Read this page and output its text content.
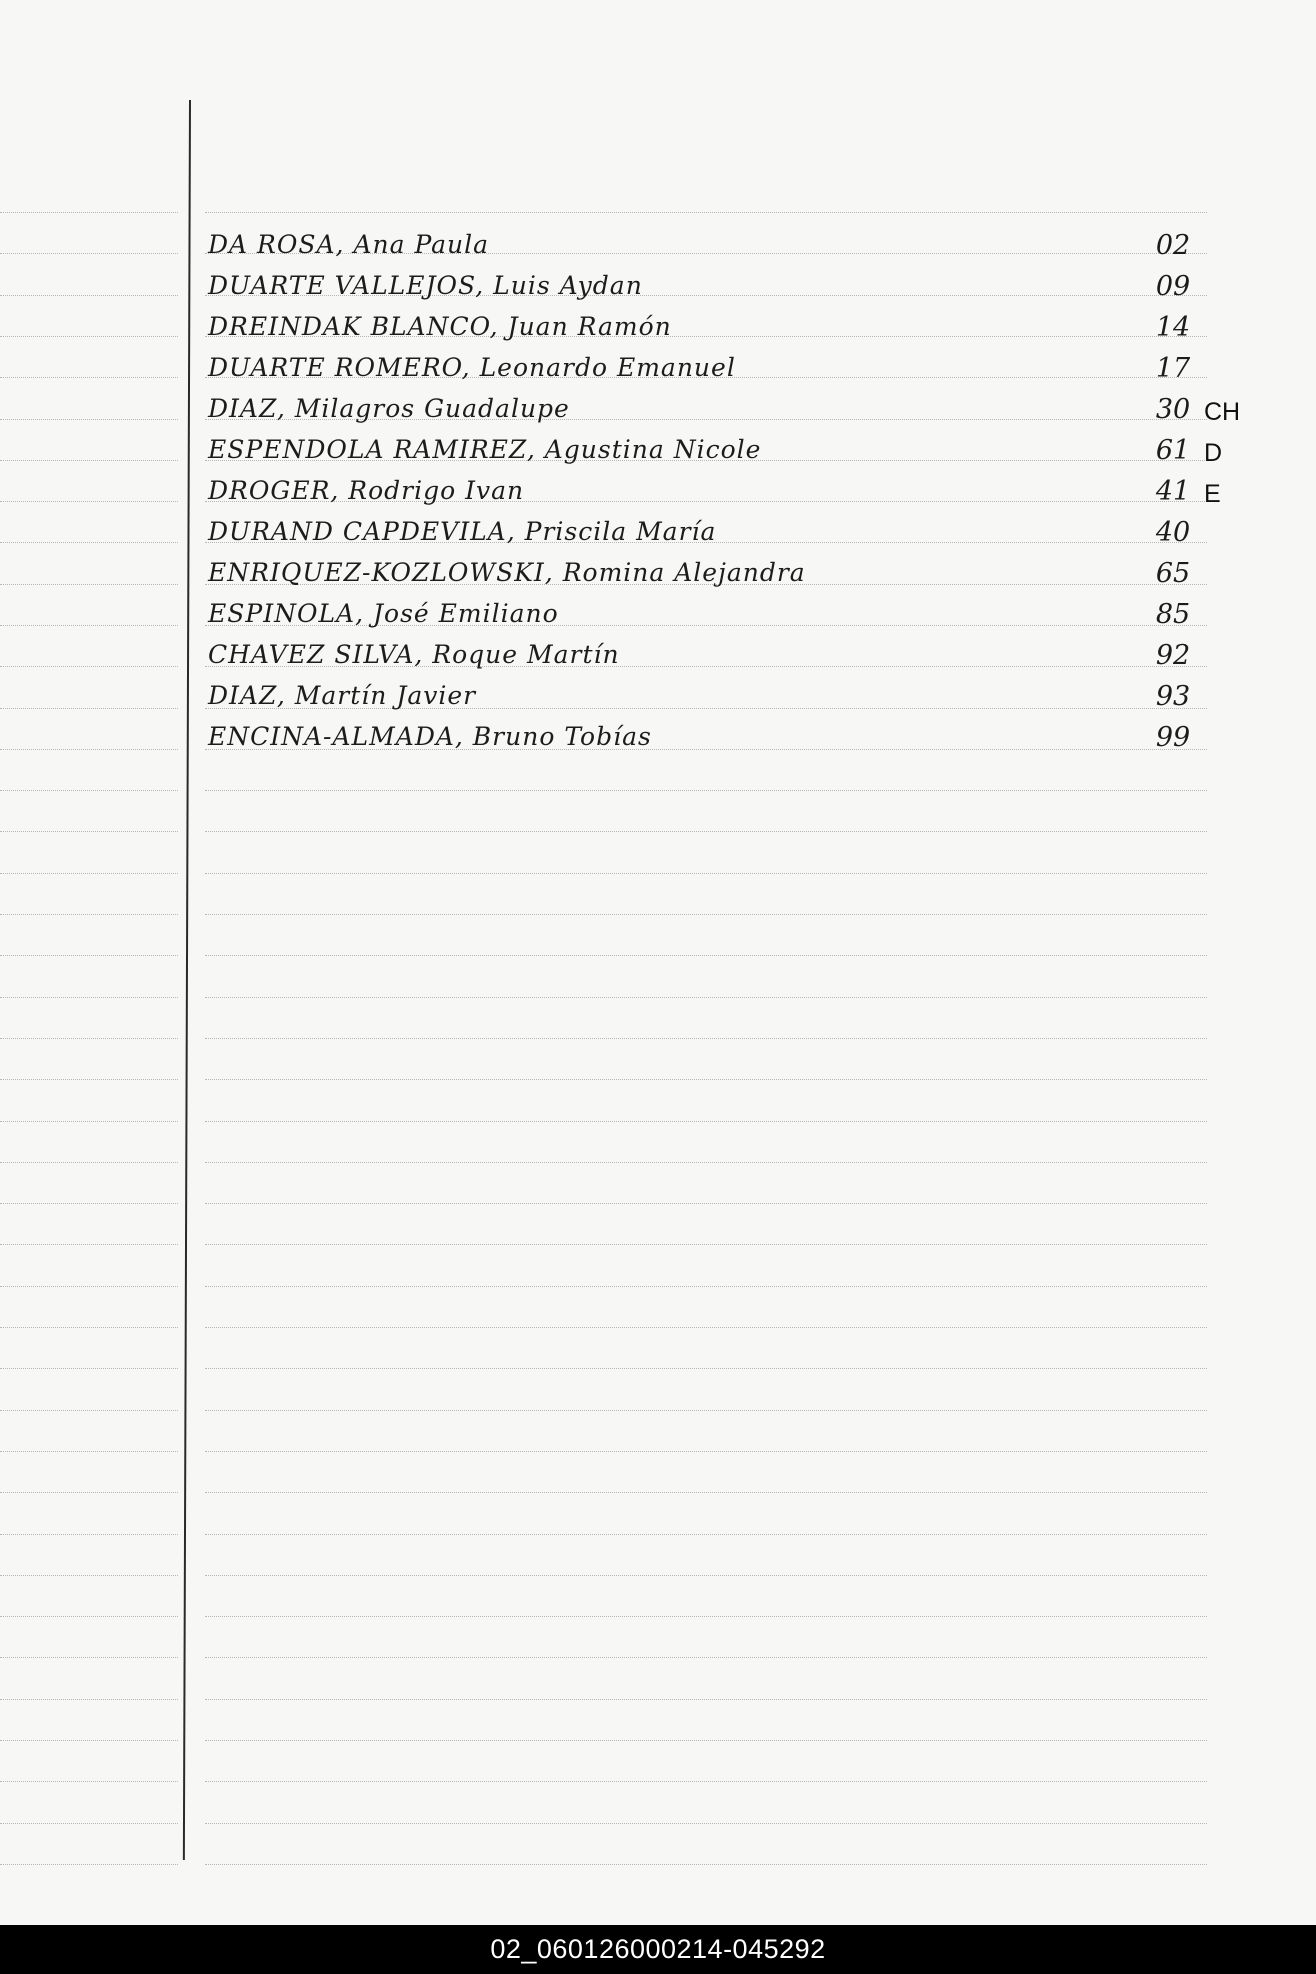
DA ROSA, Ana Paula	02
DUARTE VALLEJOS, Luis Aydan	09
DREINDAK BLANCO, Juan Ramón	14
DUARTE ROMERO, Leonardo Emanuel	17
DIAZ, Milagros Guadalupe	30 CH
ESPENDOLA RAMIREZ, Agustina Nicole	61 D
DROGER, Rodrigo Ivan	41 E
DURAND CAPDEVILA, Priscila María	40
ENRIQUEZ-KOZLOWSKI, Romina Alejandra	65
ESPINOLA, José Emiliano	85
CHAVEZ SILVA, Roque Martín	92
DIAZ, Martín Javier	93
ENCINA-ALMADA, Bruno Tobías	99
02_060126000214-045292
